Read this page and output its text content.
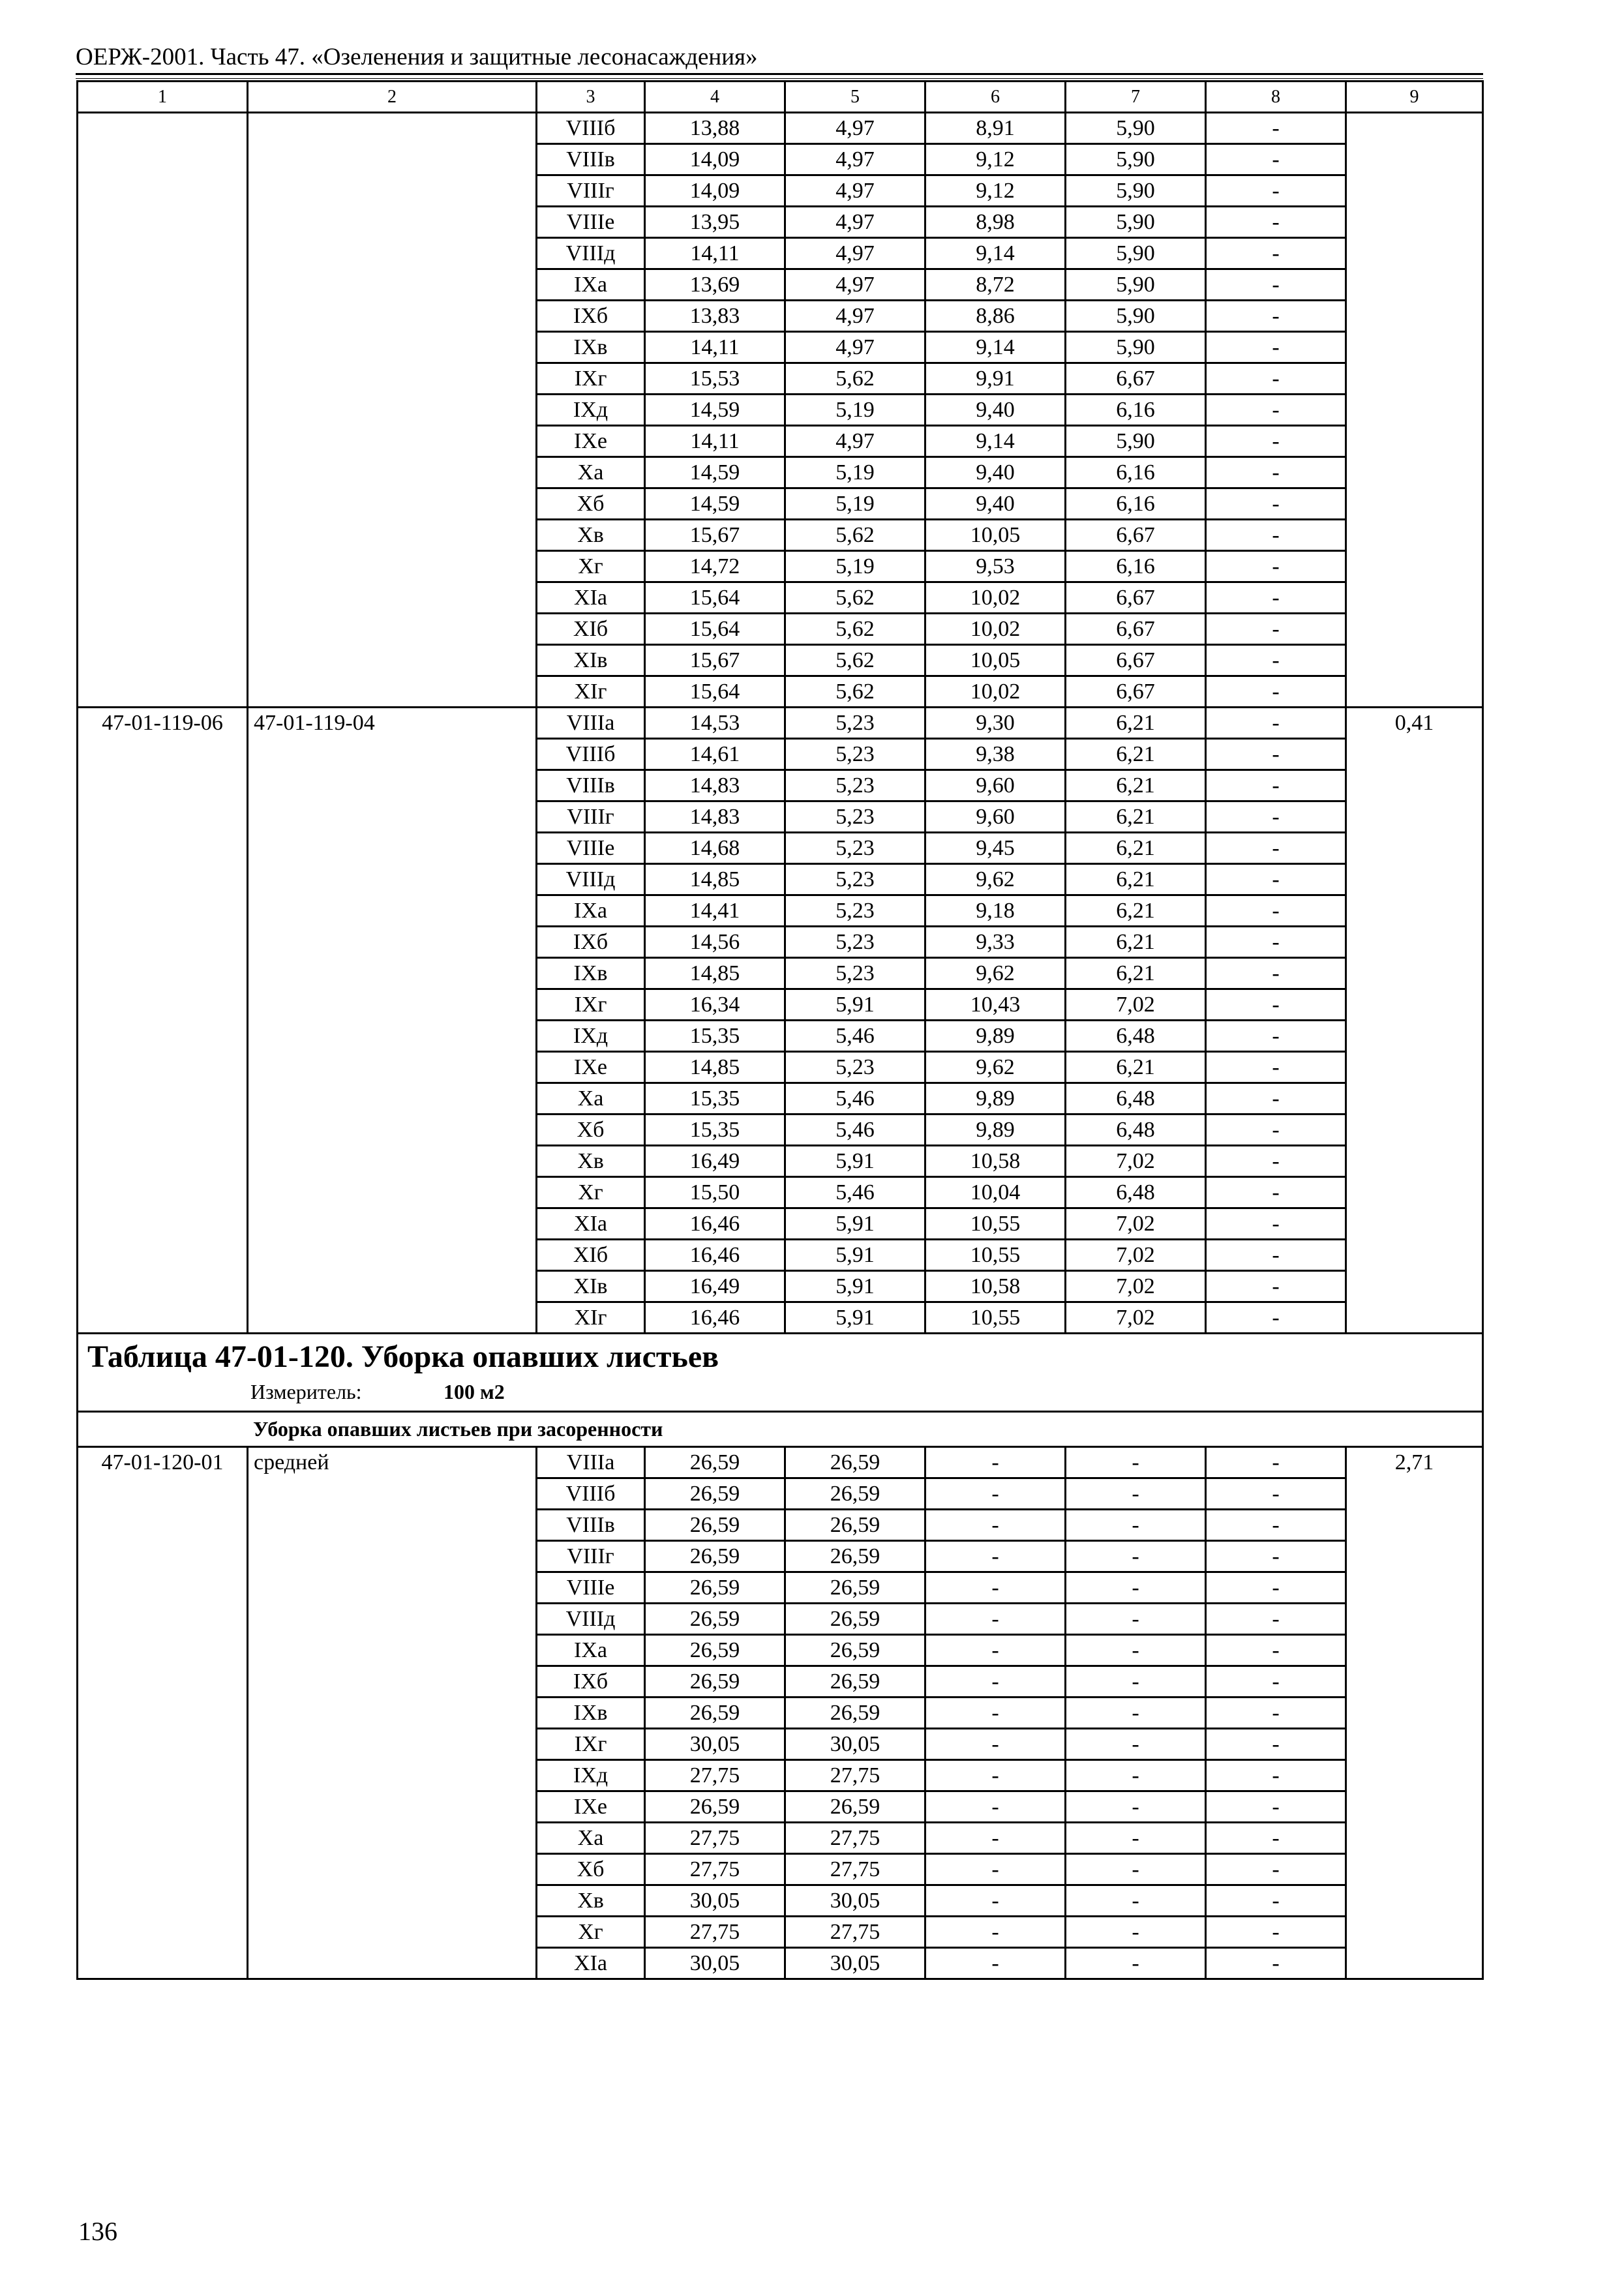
ОЕРЖ-2001. Часть 47. «Озеленения и защитные лесонасаждения»
1	2	3	4	5	6	7	8	9
		VIIIб	13,88	4,97	8,91	5,90	-	
		VIIIв	14,09	4,97	9,12	5,90	-	
		VIIIг	14,09	4,97	9,12	5,90	-	
		VIIIе	13,95	4,97	8,98	5,90	-	
		VIIIд	14,11	4,97	9,14	5,90	-	
		IXа	13,69	4,97	8,72	5,90	-	
		IXб	13,83	4,97	8,86	5,90	-	
		IXв	14,11	4,97	9,14	5,90	-	
		IXг	15,53	5,62	9,91	6,67	-	
		IXд	14,59	5,19	9,40	6,16	-	
		IXе	14,11	4,97	9,14	5,90	-	
		Xа	14,59	5,19	9,40	6,16	-	
		Xб	14,59	5,19	9,40	6,16	-	
		Xв	15,67	5,62	10,05	6,67	-	
		Xг	14,72	5,19	9,53	6,16	-	
		XIа	15,64	5,62	10,02	6,67	-	
		XIб	15,64	5,62	10,02	6,67	-	
		XIв	15,67	5,62	10,05	6,67	-	
		XIг	15,64	5,62	10,02	6,67	-	
47-01-119-06	47-01-119-04	VIIIа	14,53	5,23	9,30	6,21	-	0,41
		VIIIб	14,61	5,23	9,38	6,21	-	
		VIIIв	14,83	5,23	9,60	6,21	-	
		VIIIг	14,83	5,23	9,60	6,21	-	
		VIIIе	14,68	5,23	9,45	6,21	-	
		VIIIд	14,85	5,23	9,62	6,21	-	
		IXа	14,41	5,23	9,18	6,21	-	
		IXб	14,56	5,23	9,33	6,21	-	
		IXв	14,85	5,23	9,62	6,21	-	
		IXг	16,34	5,91	10,43	7,02	-	
		IXд	15,35	5,46	9,89	6,48	-	
		IXе	14,85	5,23	9,62	6,21	-	
		Xа	15,35	5,46	9,89	6,48	-	
		Xб	15,35	5,46	9,89	6,48	-	
		Xв	16,49	5,91	10,58	7,02	-	
		Xг	15,50	5,46	10,04	6,48	-	
		XIа	16,46	5,91	10,55	7,02	-	
		XIб	16,46	5,91	10,55	7,02	-	
		XIв	16,49	5,91	10,58	7,02	-	
		XIг	16,46	5,91	10,55	7,02	-	

Таблица 47-01-120. Уборка опавших листьев
Измеритель: 100 м2								

Уборка опавших листьев при засоренности								
47-01-120-01	средней	VIIIа	26,59	26,59	-	-	-	2,71
		VIIIб	26,59	26,59	-	-	-	
		VIIIв	26,59	26,59	-	-	-	
		VIIIг	26,59	26,59	-	-	-	
		VIIIе	26,59	26,59	-	-	-	
		VIIIд	26,59	26,59	-	-	-	
		IXа	26,59	26,59	-	-	-	
		IXб	26,59	26,59	-	-	-	
		IXв	26,59	26,59	-	-	-	
		IXг	30,05	30,05	-	-	-	
		IXд	27,75	27,75	-	-	-	
		IXе	26,59	26,59	-	-	-	
		Xа	27,75	27,75	-	-	-	
		Xб	27,75	27,75	-	-	-	
		Xв	30,05	30,05	-	-	-	
		Xг	27,75	27,75	-	-	-	
		XIа	30,05	30,05	-	-	-	
136
